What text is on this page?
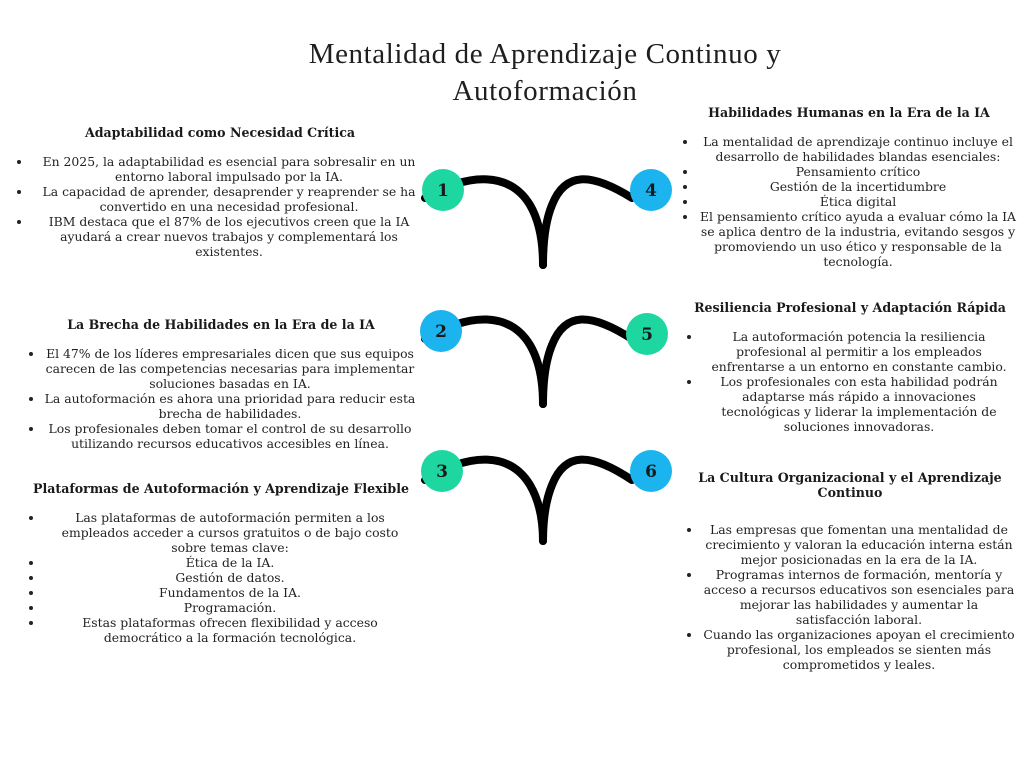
Mentalidad de Aprendizaje Continuo y Autoformación
1	4
2	5
3	6
Adaptabilidad como Necesidad Crítica
• En 2025, la adaptabilidad es esencial para sobresalir en un entorno laboral impulsado por la IA.
• La capacidad de aprender, desaprender y reaprender se ha convertido en una necesidad profesional.
• IBM destaca que el 87% de los ejecutivos creen que la IA ayudará a crear nuevos trabajos y complementará los existentes.
La Brecha de Habilidades en la Era de la IA
• El 47% de los líderes empresariales dicen que sus equipos carecen de las competencias necesarias para implementar soluciones basadas en IA.
• La autoformación es ahora una prioridad para reducir esta brecha de habilidades.
• Los profesionales deben tomar el control de su desarrollo utilizando recursos educativos accesibles en línea.
Plataformas de Autoformación y Aprendizaje Flexible
• Las plataformas de autoformación permiten a los empleados acceder a cursos gratuitos o de bajo costo sobre temas clave:
• Ética de la IA.
• Gestión de datos.
• Fundamentos de la IA.
• Programación.
• Estas plataformas ofrecen flexibilidad y acceso democrático a la formación tecnológica.
Habilidades Humanas en la Era de la IA
• La mentalidad de aprendizaje continuo incluye el desarrollo de habilidades blandas esenciales:
• Pensamiento crítico
• Gestión de la incertidumbre
• Ética digital
• El pensamiento crítico ayuda a evaluar cómo la IA se aplica dentro de la industria, evitando sesgos y promoviendo un uso ético y responsable de la tecnología.
Resiliencia Profesional y Adaptación Rápida
• La autoformación potencia la resiliencia profesional al permitir a los empleados enfrentarse a un entorno en constante cambio.
• Los profesionales con esta habilidad podrán adaptarse más rápido a innovaciones tecnológicas y liderar la implementación de soluciones innovadoras.
La Cultura Organizacional y el Aprendizaje Continuo
• Las empresas que fomentan una mentalidad de crecimiento y valoran la educación interna están mejor posicionadas en la era de la IA.
• Programas internos de formación, mentoría y acceso a recursos educativos son esenciales para mejorar las habilidades y aumentar la satisfacción laboral.
• Cuando las organizaciones apoyan el crecimiento profesional, los empleados se sienten más comprometidos y leales.
